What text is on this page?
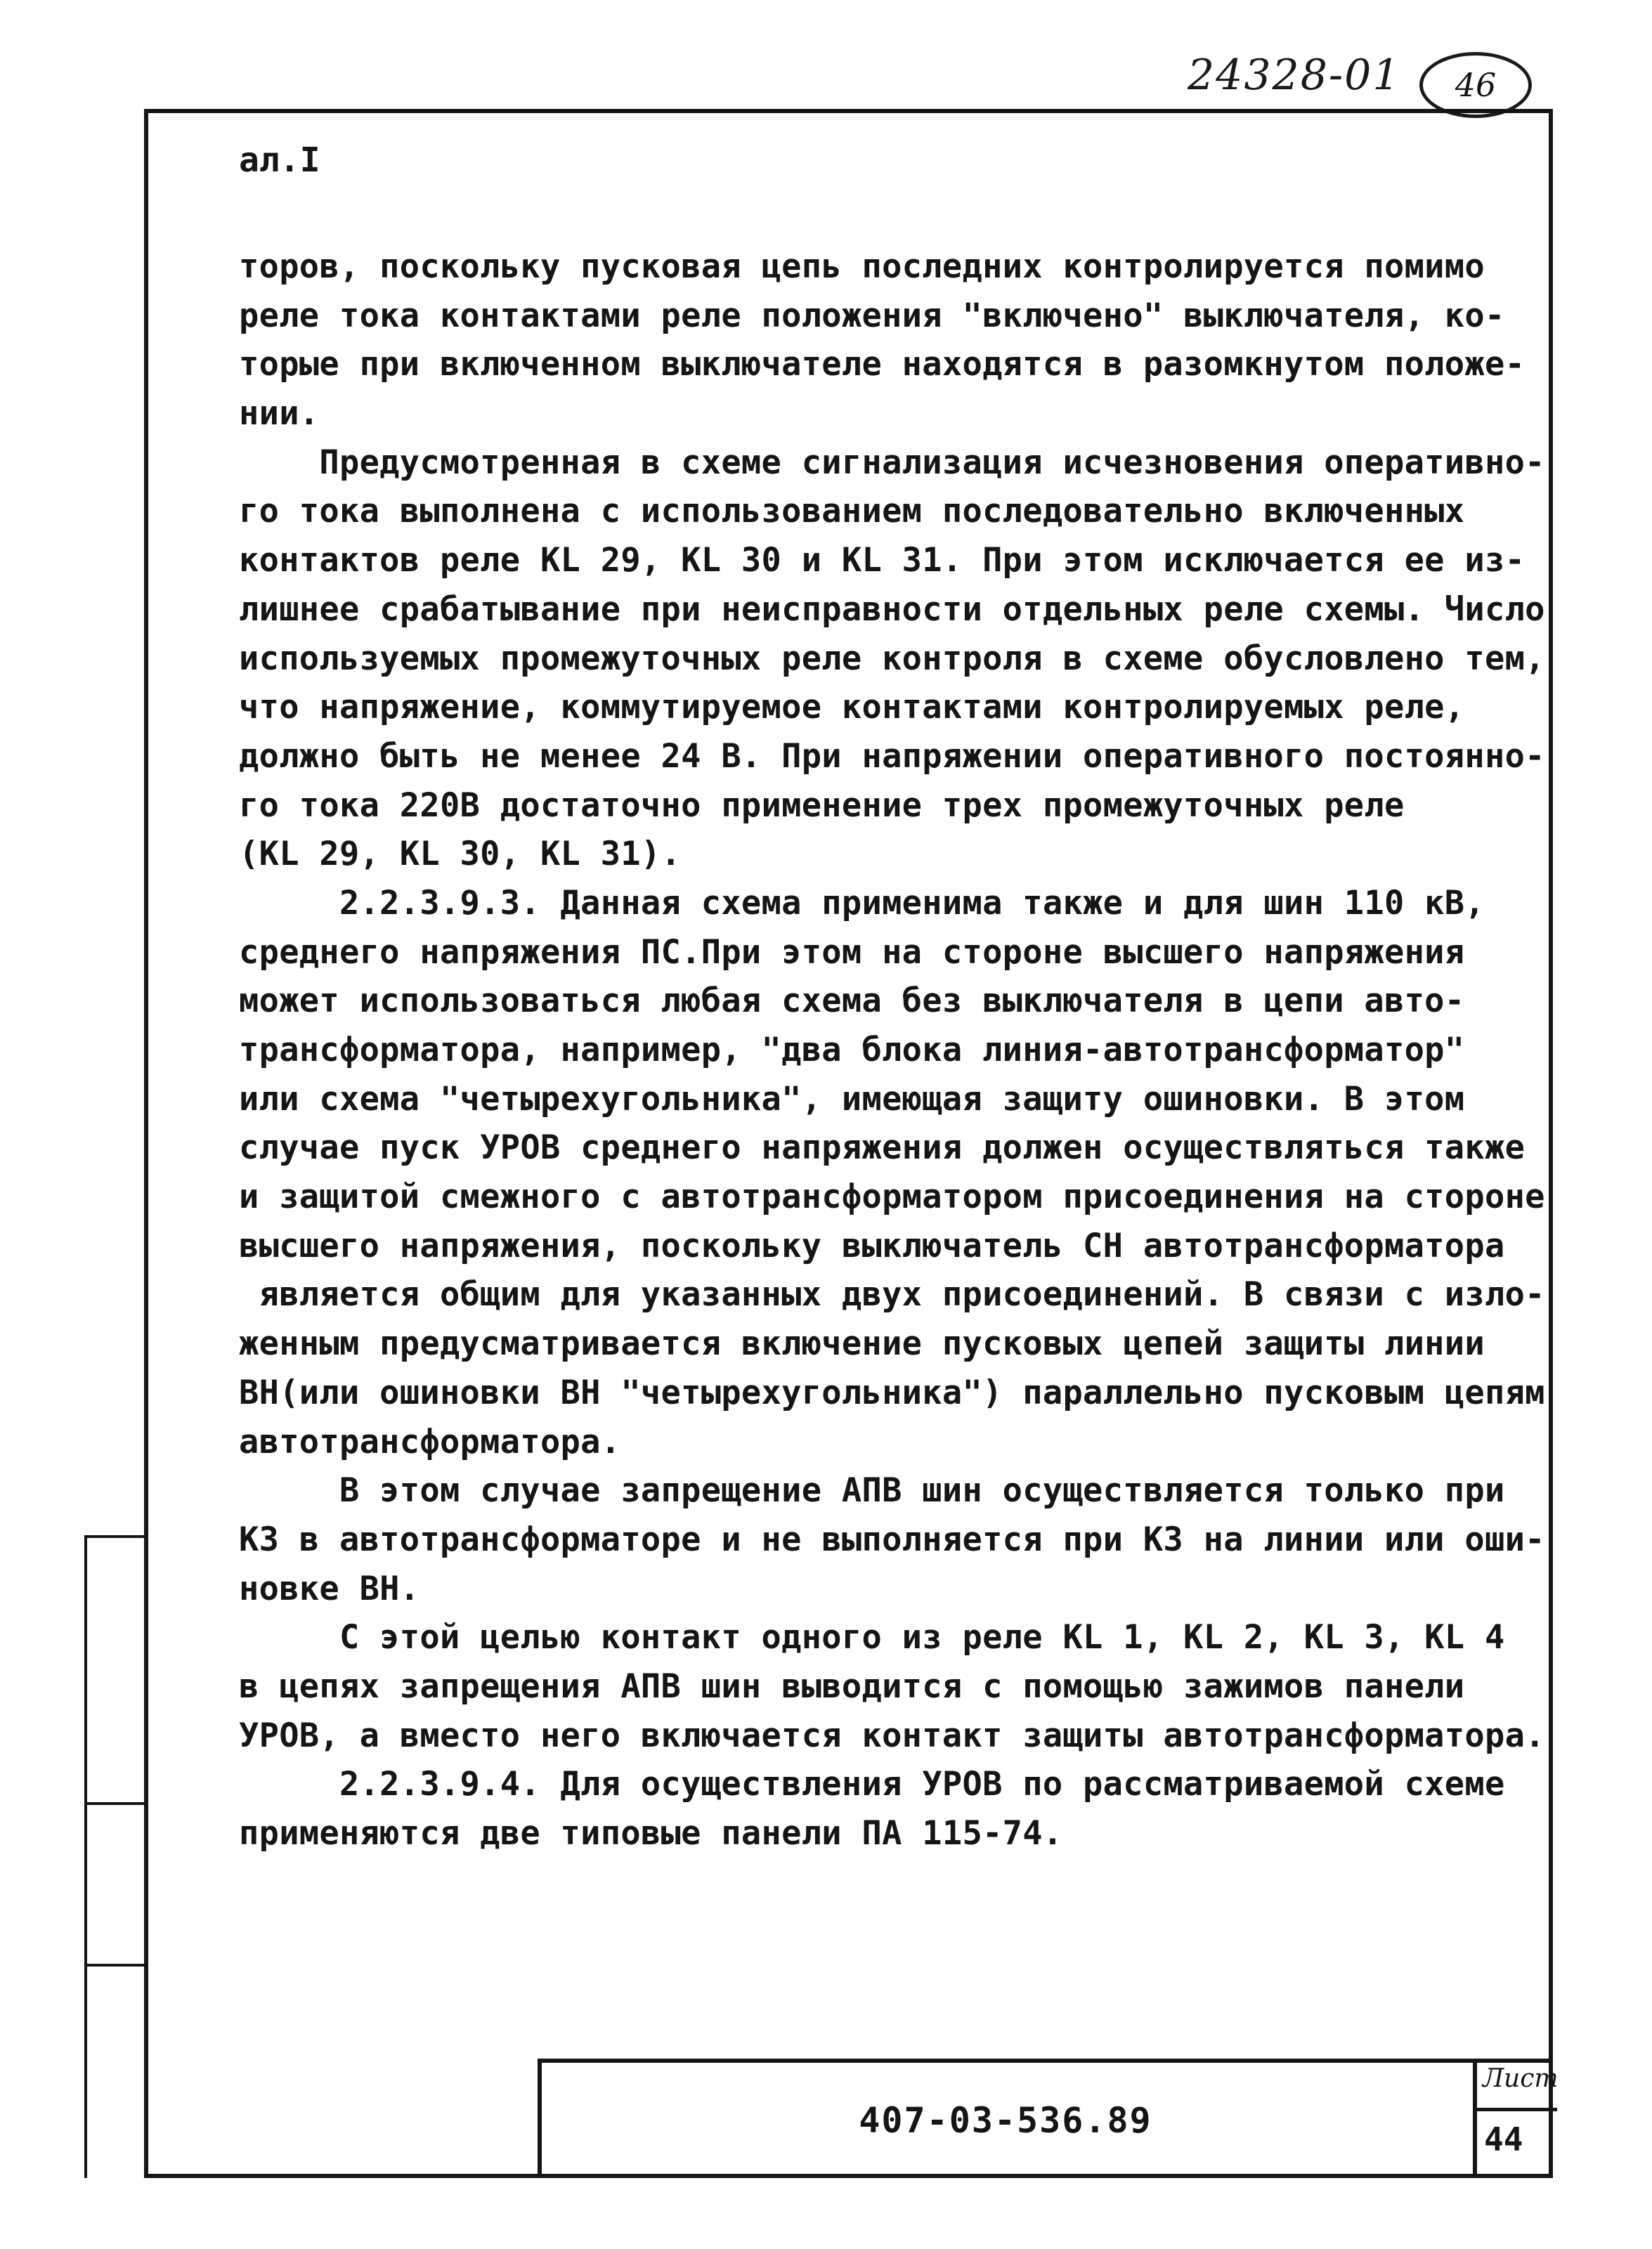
24328-01	46
ал.I
торов, поскольку пусковая цепь последних контролируется помимо
реле тока контактами реле положения "включено" выключателя, ко-
торые при включенном выключателе находятся в разомкнутом положе-
нии.
Предусмотренная в схеме сигнализация исчезновения оперативно-
го тока выполнена с использованием последовательно включенных
контактов реле KL 29, KL 30 и KL 31. При этом исключается ее из-
лишнее срабатывание при неисправности отдельных реле схемы. Число
используемых промежуточных реле контроля в схеме обусловлено тем,
что напряжение, коммутируемое контактами контролируемых реле,
должно быть не менее 24 В. При напряжении оперативного постоянно-
го тока 220В достаточно применение трех промежуточных реле
(KL 29, KL 30, KL 31).
2.2.3.9.3. Данная схема применима также и для шин 110 кВ,
среднего напряжения ПС.При этом на стороне высшего напряжения
может использоваться любая схема без выключателя в цепи авто-
трансформатора, например, "два блока линия-автотрансформатор"
или схема "четырехугольника", имеющая защиту ошиновки. В этом
случае пуск УРОВ среднего напряжения должен осуществляться также
и защитой смежного с автотрансформатором присоединения на стороне
высшего напряжения, поскольку выключатель СН автотрансформатора
является общим для указанных двух присоединений. В связи с изло-
женным предусматривается включение пусковых цепей защиты линии
ВН(или ошиновки ВН "четырехугольника") параллельно пусковым цепям
автотрансформатора.
В этом случае запрещение АПВ шин осуществляется только при
КЗ в автотрансформаторе и не выполняется при КЗ на линии или оши-
новке ВН.
С этой целью контакт одного из реле KL 1, KL 2, KL 3, KL 4
в цепях запрещения АПВ шин выводится с помощью зажимов панели
УРОВ, а вместо него включается контакт защиты автотрансформатора.
2.2.3.9.4. Для осуществления УРОВ по рассматриваемой схеме
применяются две типовые панели ПА 115-74.
407-03-536.89
Лист
44
